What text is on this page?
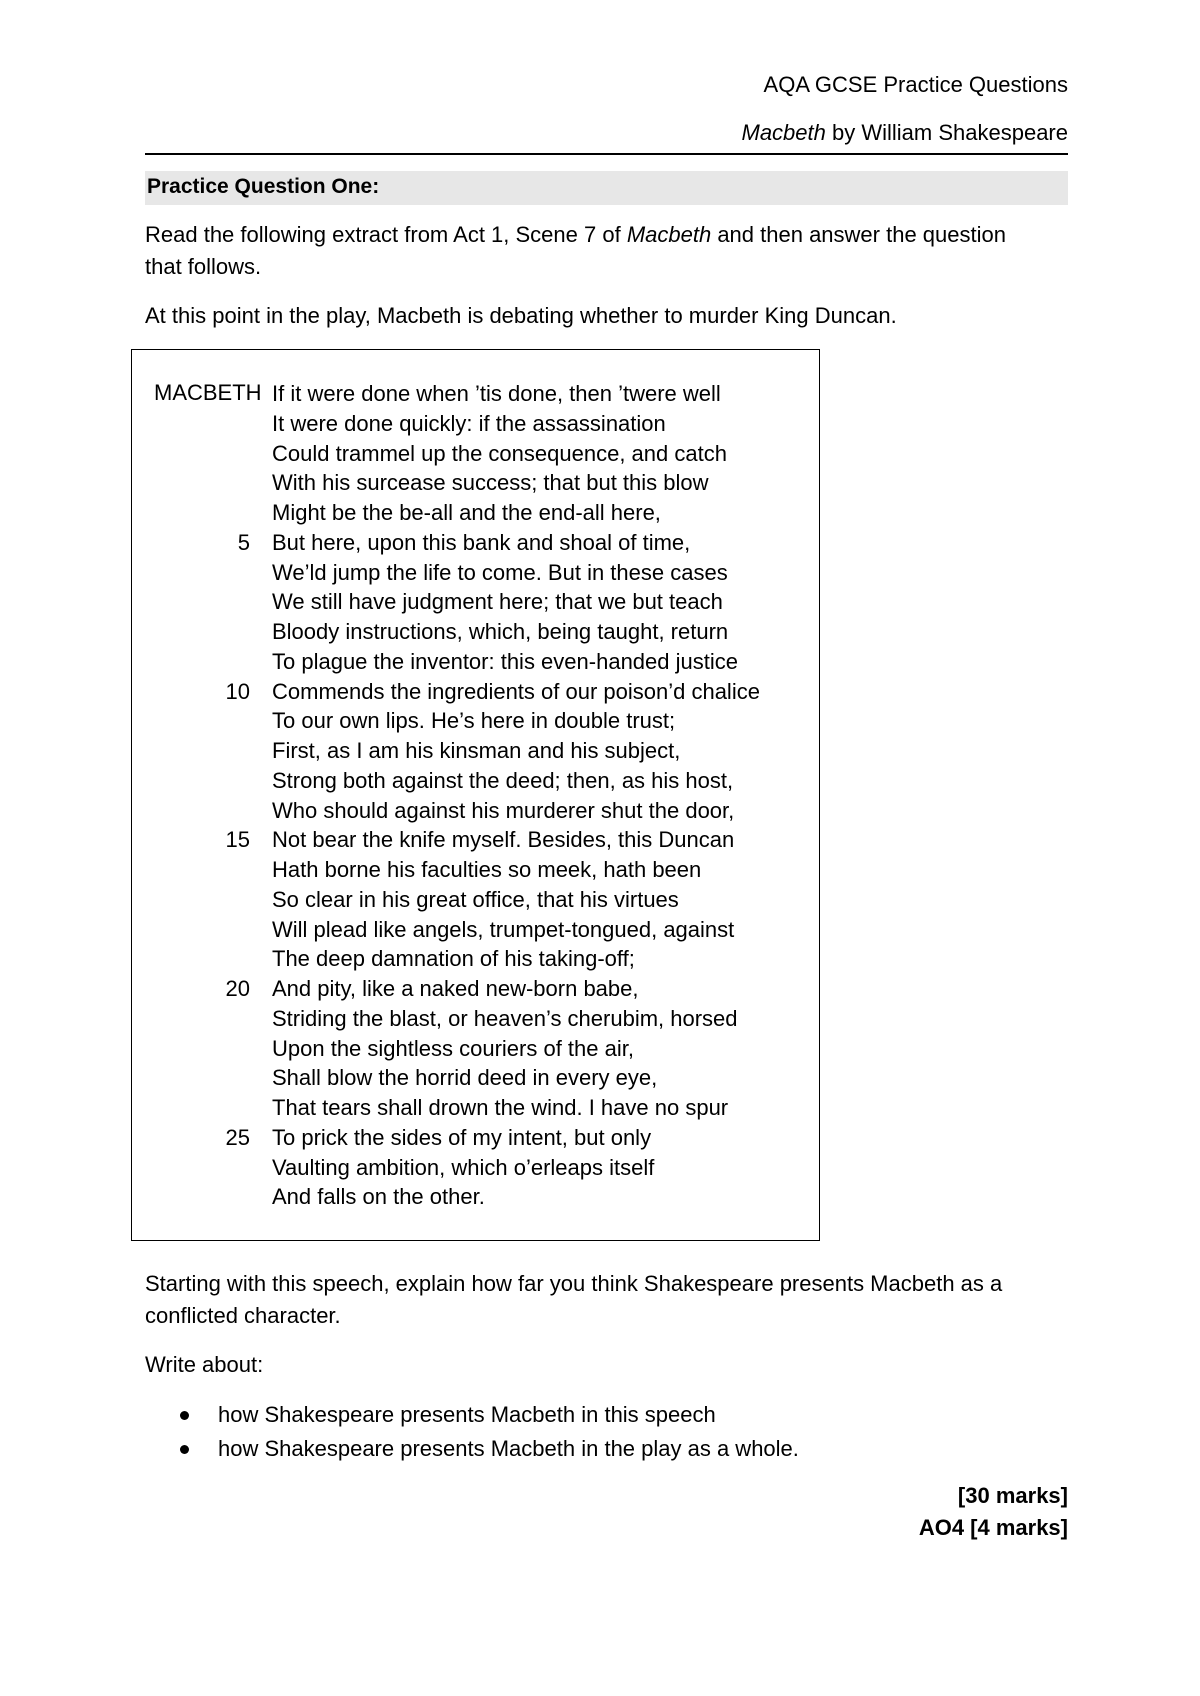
AQA GCSE Practice Questions
Macbeth by William Shakespeare
Practice Question One:
Read the following extract from Act 1, Scene 7 of Macbeth and then answer the question that follows.
At this point in the play, Macbeth is debating whether to murder King Duncan.
MACBETH
5
10
15
20
25
If it were done when ’tis done, then ’twere well
It were done quickly: if the assassination
Could trammel up the consequence, and catch
With his surcease success; that but this blow
Might be the be-all and the end-all here,
But here, upon this bank and shoal of time,
We’ld jump the life to come. But in these cases
We still have judgment here; that we but teach
Bloody instructions, which, being taught, return
To plague the inventor: this even-handed justice
Commends the ingredients of our poison’d chalice
To our own lips. He’s here in double trust;
First, as I am his kinsman and his subject,
Strong both against the deed; then, as his host,
Who should against his murderer shut the door,
Not bear the knife myself. Besides, this Duncan
Hath borne his faculties so meek, hath been
So clear in his great office, that his virtues
Will plead like angels, trumpet-tongued, against
The deep damnation of his taking-off;
And pity, like a naked new-born babe,
Striding the blast, or heaven’s cherubim, horsed
Upon the sightless couriers of the air,
Shall blow the horrid deed in every eye,
That tears shall drown the wind. I have no spur
To prick the sides of my intent, but only
Vaulting ambition, which o’erleaps itself
And falls on the other.
Starting with this speech, explain how far you think Shakespeare presents Macbeth as a conflicted character.
Write about:
how Shakespeare presents Macbeth in this speech
how Shakespeare presents Macbeth in the play as a whole.
[30 marks]
AO4 [4 marks]
